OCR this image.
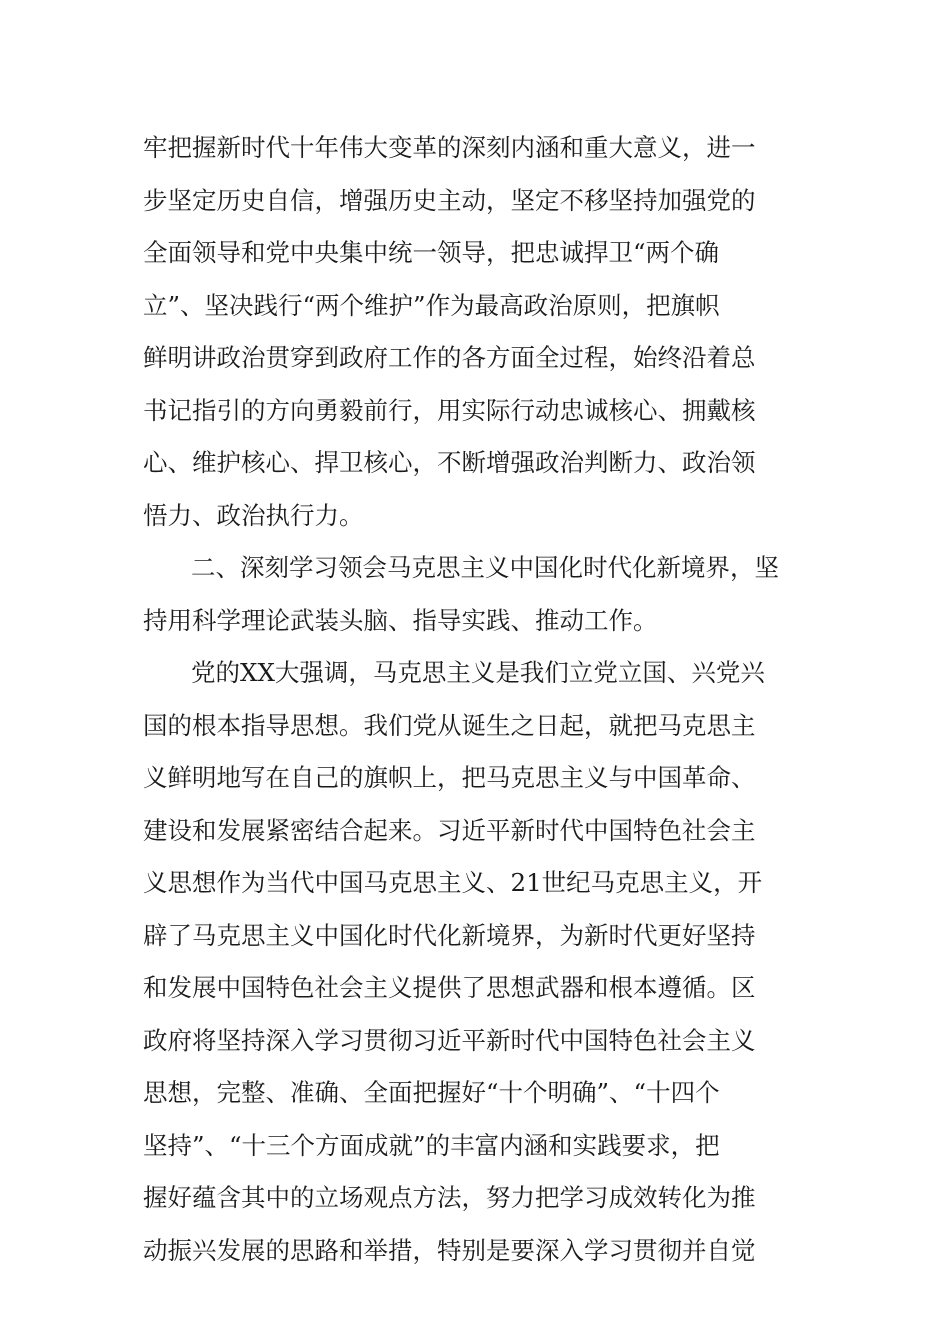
牢把握新时代十年伟大变革的深刻内涵和重大意义，进一
步坚定历史自信，增强历史主动，坚定不移坚持加强党的
全面领导和党中央集中统一领导，把忠诚捍卫“两个确
立”、坚决践行“两个维护”作为最高政治原则，把旗帜
鲜明讲政治贯穿到政府工作的各方面全过程，始终沿着总
书记指引的方向勇毅前行，用实际行动忠诚核心、拥戴核
心、维护核心、捍卫核心，不断增强政治判断力、政治领
悟力、政治执行力。
二、深刻学习领会马克思主义中国化时代化新境界，坚
持用科学理论武装头脑、指导实践、推动工作。
党的XX大强调，马克思主义是我们立党立国、兴党兴
国的根本指导思想。我们党从诞生之日起，就把马克思主
义鲜明地写在自己的旗帜上，把马克思主义与中国革命、
建设和发展紧密结合起来。习近平新时代中国特色社会主
义思想作为当代中国马克思主义、21世纪马克思主义，开
辟了马克思主义中国化时代化新境界，为新时代更好坚持
和发展中国特色社会主义提供了思想武器和根本遵循。区
政府将坚持深入学习贯彻习近平新时代中国特色社会主义
思想，完整、准确、全面把握好“十个明确”、“十四个
坚持”、“十三个方面成就”的丰富内涵和实践要求，把
握好蕴含其中的立场观点方法，努力把学习成效转化为推
动振兴发展的思路和举措，特别是要深入学习贯彻并自觉
